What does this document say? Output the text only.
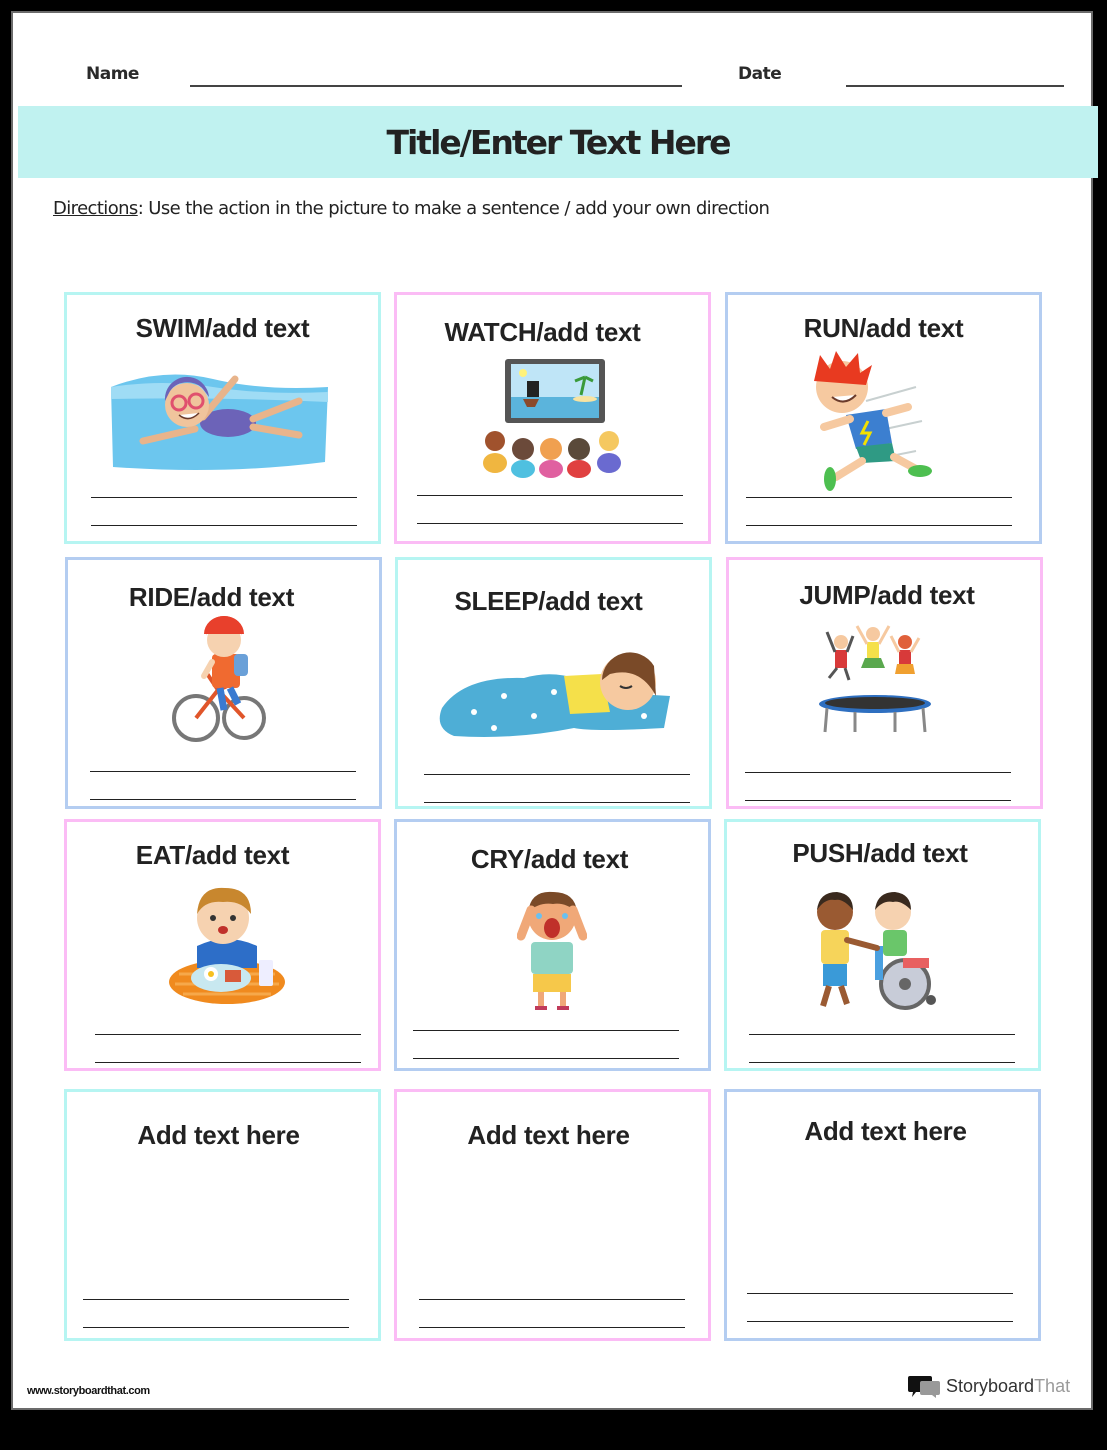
Name	Date
Title/Enter Text Here
Directions: Use the action in the picture to make a sentence / add your own direction
SWIM/add text	WATCH/add text	RUN/add text
RIDE/add text	SLEEP/add text	JUMP/add text
EAT/add text	CRY/add text	PUSH/add text
Add text here	Add text here	Add text here
www.storyboardthat.com	StoryboardThat
